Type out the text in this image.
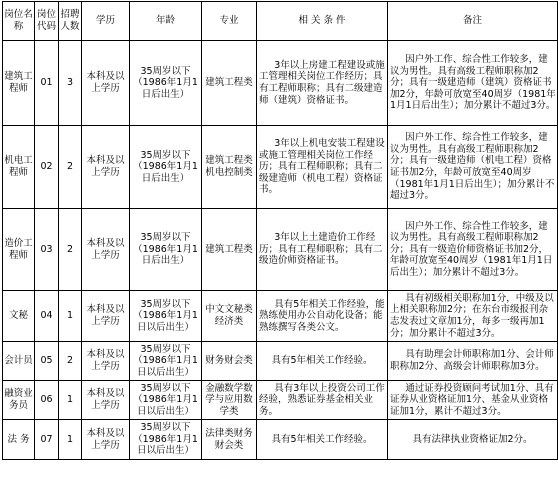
岗位名称	岗位代码	招聘人数	学历	年龄	专业	相 关 条 件	备注
建筑工程师	01	3	本科及以上学历	35周岁以下（1986年1月1日后出生）	建筑工程类	3年以上房建工程建设或施工管理相关岗位工作经历；具有工程师职称；具有二级建造师（建筑）资格证书。	因户外工作、综合性工作较多，建议为男性。具有高级工程师职称加2分；具有一级建造师（建筑）资格证书加2分，年龄可放宽至40周岁（1981年1月1日后出生）；加分累计不超过3分。
机电工程师	02	2	本科及以上学历	35周岁以下（1986年1月1日后出生）	建筑工程类机电控制类	3年以上机电安装工程建设或施工管理相关岗位工作经历；具有工程师职称；具有二级建造师（机电工程）资格证书。	因户外工作、综合性工作较多，建议为男性。具有高级工程师职称加2分；具有一级建造师（机电工程）资格证书加2分，年龄可放宽至40周岁（1981年1月1日后出生）；加分累计不超过3分。
造价工程师	03	2	本科及以上学历	35周岁以下（1986年1月1日后出生）	建筑工程类	3年以上土建造价工作经历；具有工程师职称；具有二级造价师资格证书。	因户外工作、综合性工作较多，建议为男性。具有高级工程师职称加2分；具有一级造价师资格证书加2分，年龄可放宽至40周岁（1981年1月1日后出生）；加分累计不超过3分。
文秘	04	1	本科及以上学历	35周岁以下（1986年1月1日以后出生）	中文文秘类经济类	具有5年相关工作经验，能熟练使用办公自动化设备；能熟练撰写各类公文。	具有初级相关职称加1分，中级及以上相关职称加2分；在东台市级报刊杂志发表过文章加1分，每多一级再加1分；加分累计不超过3分。
会计员	05	2	本科及以上学历	35周岁以下（1986年1月1日以后出生）	财务财会类	具有5年相关工作经验。	具有助理会计师职称加1分、会计师职称加2分、高级会计师职称加3分。
融资业务员	06	1	本科及以上学历	35周岁以下（1986年1月1日以后出生）	金融数学数学与应用数学类	具有3年以上投资公司工作经验，熟悉证券基金相关业务。	通过证券投资顾问考试加1分、具有证券从业资格证加1分、基金从业资格证加1分，累计不超过3分。
法 务	07	1	本科及以上学历	35周岁以下（1986年1月1日以后出生）	法律类财务财会类	具有5年相关工作经验。	具有法律执业资格证加2分。
